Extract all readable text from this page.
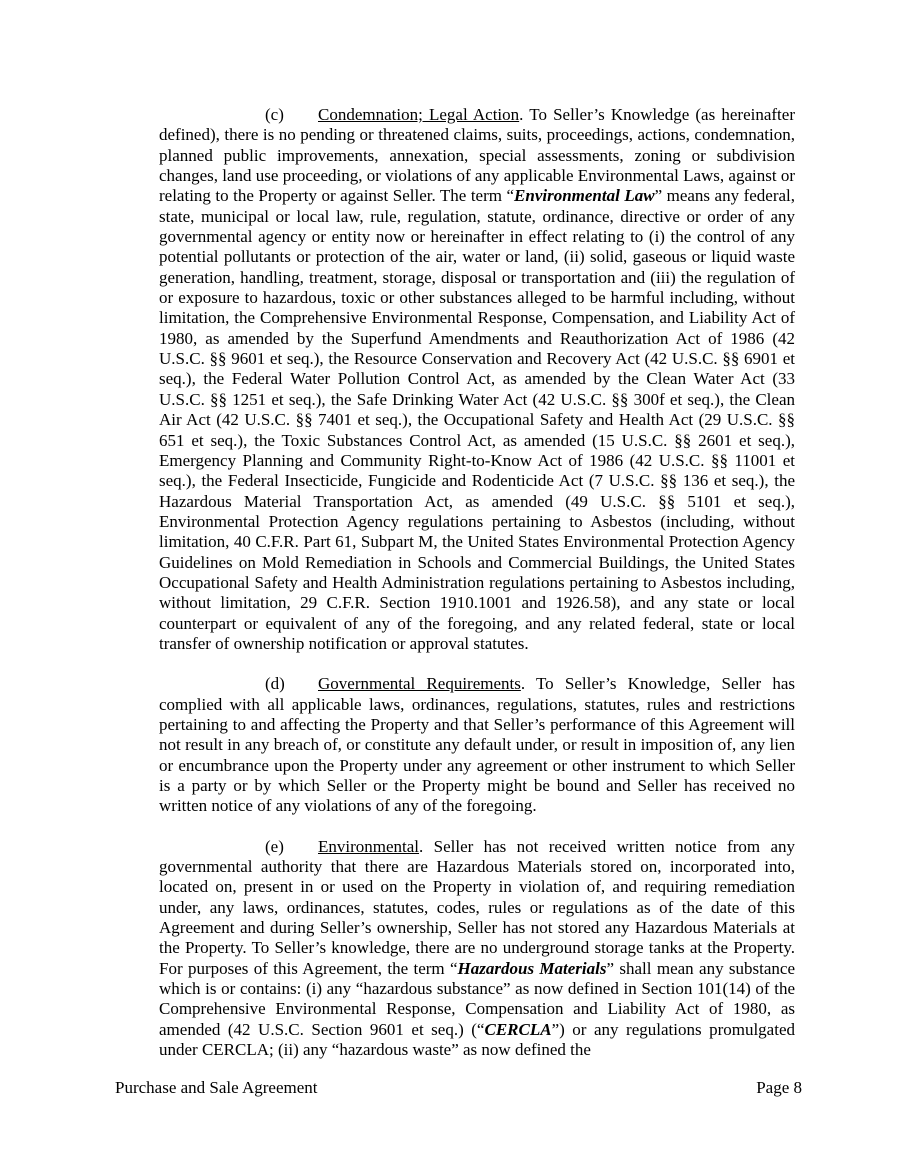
(c) Condemnation; Legal Action. To Seller’s Knowledge (as hereinafter defined), there is no pending or threatened claims, suits, proceedings, actions, condemnation, planned public improvements, annexation, special assessments, zoning or subdivision changes, land use proceeding, or violations of any applicable Environmental Laws, against or relating to the Property or against Seller. The term “Environmental Law” means any federal, state, municipal or local law, rule, regulation, statute, ordinance, directive or order of any governmental agency or entity now or hereinafter in effect relating to (i) the control of any potential pollutants or protection of the air, water or land, (ii) solid, gaseous or liquid waste generation, handling, treatment, storage, disposal or transportation and (iii) the regulation of or exposure to hazardous, toxic or other substances alleged to be harmful including, without limitation, the Comprehensive Environmental Response, Compensation, and Liability Act of 1980, as amended by the Superfund Amendments and Reauthorization Act of 1986 (42 U.S.C. §§ 9601 et seq.), the Resource Conservation and Recovery Act (42 U.S.C. §§ 6901 et seq.), the Federal Water Pollution Control Act, as amended by the Clean Water Act (33 U.S.C. §§ 1251 et seq.), the Safe Drinking Water Act (42 U.S.C. §§ 300f et seq.), the Clean Air Act (42 U.S.C. §§ 7401 et seq.), the Occupational Safety and Health Act (29 U.S.C. §§ 651 et seq.), the Toxic Substances Control Act, as amended (15 U.S.C. §§ 2601 et seq.), Emergency Planning and Community Right-to-Know Act of 1986 (42 U.S.C. §§ 11001 et seq.), the Federal Insecticide, Fungicide and Rodenticide Act (7 U.S.C. §§ 136 et seq.), the Hazardous Material Transportation Act, as amended (49 U.S.C. §§ 5101 et seq.), Environmental Protection Agency regulations pertaining to Asbestos (including, without limitation, 40 C.F.R. Part 61, Subpart M, the United States Environmental Protection Agency Guidelines on Mold Remediation in Schools and Commercial Buildings, the United States Occupational Safety and Health Administration regulations pertaining to Asbestos including, without limitation, 29 C.F.R. Section 1910.1001 and 1926.58), and any state or local counterpart or equivalent of any of the foregoing, and any related federal, state or local transfer of ownership notification or approval statutes.

(d) Governmental Requirements. To Seller’s Knowledge, Seller has complied with all applicable laws, ordinances, regulations, statutes, rules and restrictions pertaining to and affecting the Property and that Seller’s performance of this Agreement will not result in any breach of, or constitute any default under, or result in imposition of, any lien or encumbrance upon the Property under any agreement or other instrument to which Seller is a party or by which Seller or the Property might be bound and Seller has received no written notice of any violations of any of the foregoing.

(e) Environmental. Seller has not received written notice from any governmental authority that there are Hazardous Materials stored on, incorporated into, located on, present in or used on the Property in violation of, and requiring remediation under, any laws, ordinances, statutes, codes, rules or regulations as of the date of this Agreement and during Seller’s ownership, Seller has not stored any Hazardous Materials at the Property. To Seller’s knowledge, there are no underground storage tanks at the Property. For purposes of this Agreement, the term “Hazardous Materials” shall mean any substance which is or contains: (i) any “hazardous substance” as now defined in Section 101(14) of the Comprehensive Environmental Response, Compensation and Liability Act of 1980, as amended (42 U.S.C. Section 9601 et seq.) (“CERCLA”) or any regulations promulgated under CERCLA; (ii) any “hazardous waste” as now defined the

Purchase and Sale Agreement	Page 8
